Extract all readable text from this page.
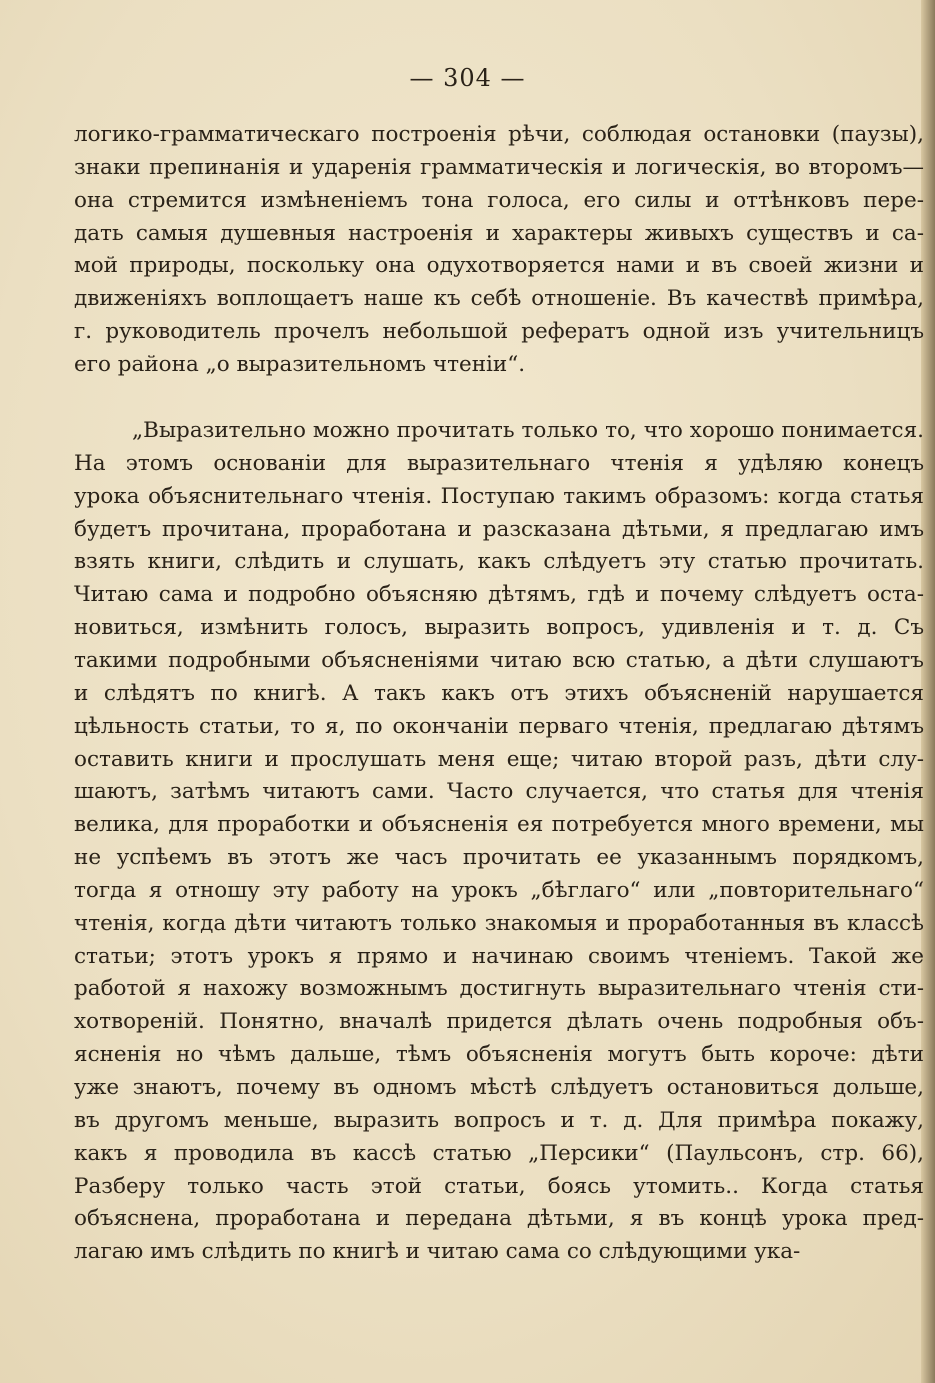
— 304 —
логико-грамматическаго построенія рѣчи, соблюдая остановки (паузы),
знаки препинанія и ударенія грамматическія и логическія, во второмъ—
она стремится измѣненіемъ тона голоса, его силы и оттѣнковъ пере-
дать самыя душевныя настроенія и характеры живыхъ существъ и са-
мой природы, поскольку она одухотворяется нами и въ своей жизни и
движеніяхъ воплощаетъ наше къ себѣ отношеніе. Въ качествѣ примѣра,
г. руководитель прочелъ небольшой рефератъ одной изъ учительницъ
его района „о выразительномъ чтеніи“.
„Выразительно можно прочитать только то, что хорошо понимается.
На этомъ основаніи для выразительнаго чтенія я удѣляю конецъ
урока объяснительнаго чтенія. Поступаю такимъ образомъ: когда статья
будетъ прочитана, проработана и разсказана дѣтьми, я предлагаю имъ
взять книги, слѣдить и слушать, какъ слѣдуетъ эту статью прочитать.
Читаю сама и подробно объясняю дѣтямъ, гдѣ и почему слѣдуетъ оста-
новиться, измѣнить голосъ, выразить вопросъ, удивленія и т. д. Съ
такими подробными объясненіями читаю всю статью, а дѣти слушаютъ
и слѣдятъ по книгѣ. А такъ какъ отъ этихъ объясненій нарушается
цѣльность статьи, то я, по окончаніи перваго чтенія, предлагаю дѣтямъ
оставить книги и прослушать меня еще; читаю второй разъ, дѣти слу-
шаютъ, затѣмъ читаютъ сами. Часто случается, что статья для чтенія
велика, для проработки и объясненія ея потребуется много времени, мы
не успѣемъ въ этотъ же часъ прочитать ее указаннымъ порядкомъ,
тогда я отношу эту работу на урокъ „бѣглаго“ или „повторительнаго“
чтенія, когда дѣти читаютъ только знакомыя и проработанныя въ классѣ
статьи; этотъ урокъ я прямо и начинаю своимъ чтеніемъ. Такой же
работой я нахожу возможнымъ достигнуть выразительнаго чтенія сти-
хотвореній. Понятно, вначалѣ придется дѣлать очень подробныя объ-
ясненія но чѣмъ дальше, тѣмъ объясненія могутъ быть короче: дѣти
уже знаютъ, почему въ одномъ мѣстѣ слѣдуетъ остановиться дольше,
въ другомъ меньше, выразить вопросъ и т. д. Для примѣра покажу,
какъ я проводила въ кассѣ статью „Персики“ (Паульсонъ, стр. 66),
Разберу только часть этой статьи, боясь утомить.. Когда статья
объяснена, проработана и передана дѣтьми, я въ концѣ урока пред-
лагаю имъ слѣдить по книгѣ и читаю сама со слѣдующими ука-
